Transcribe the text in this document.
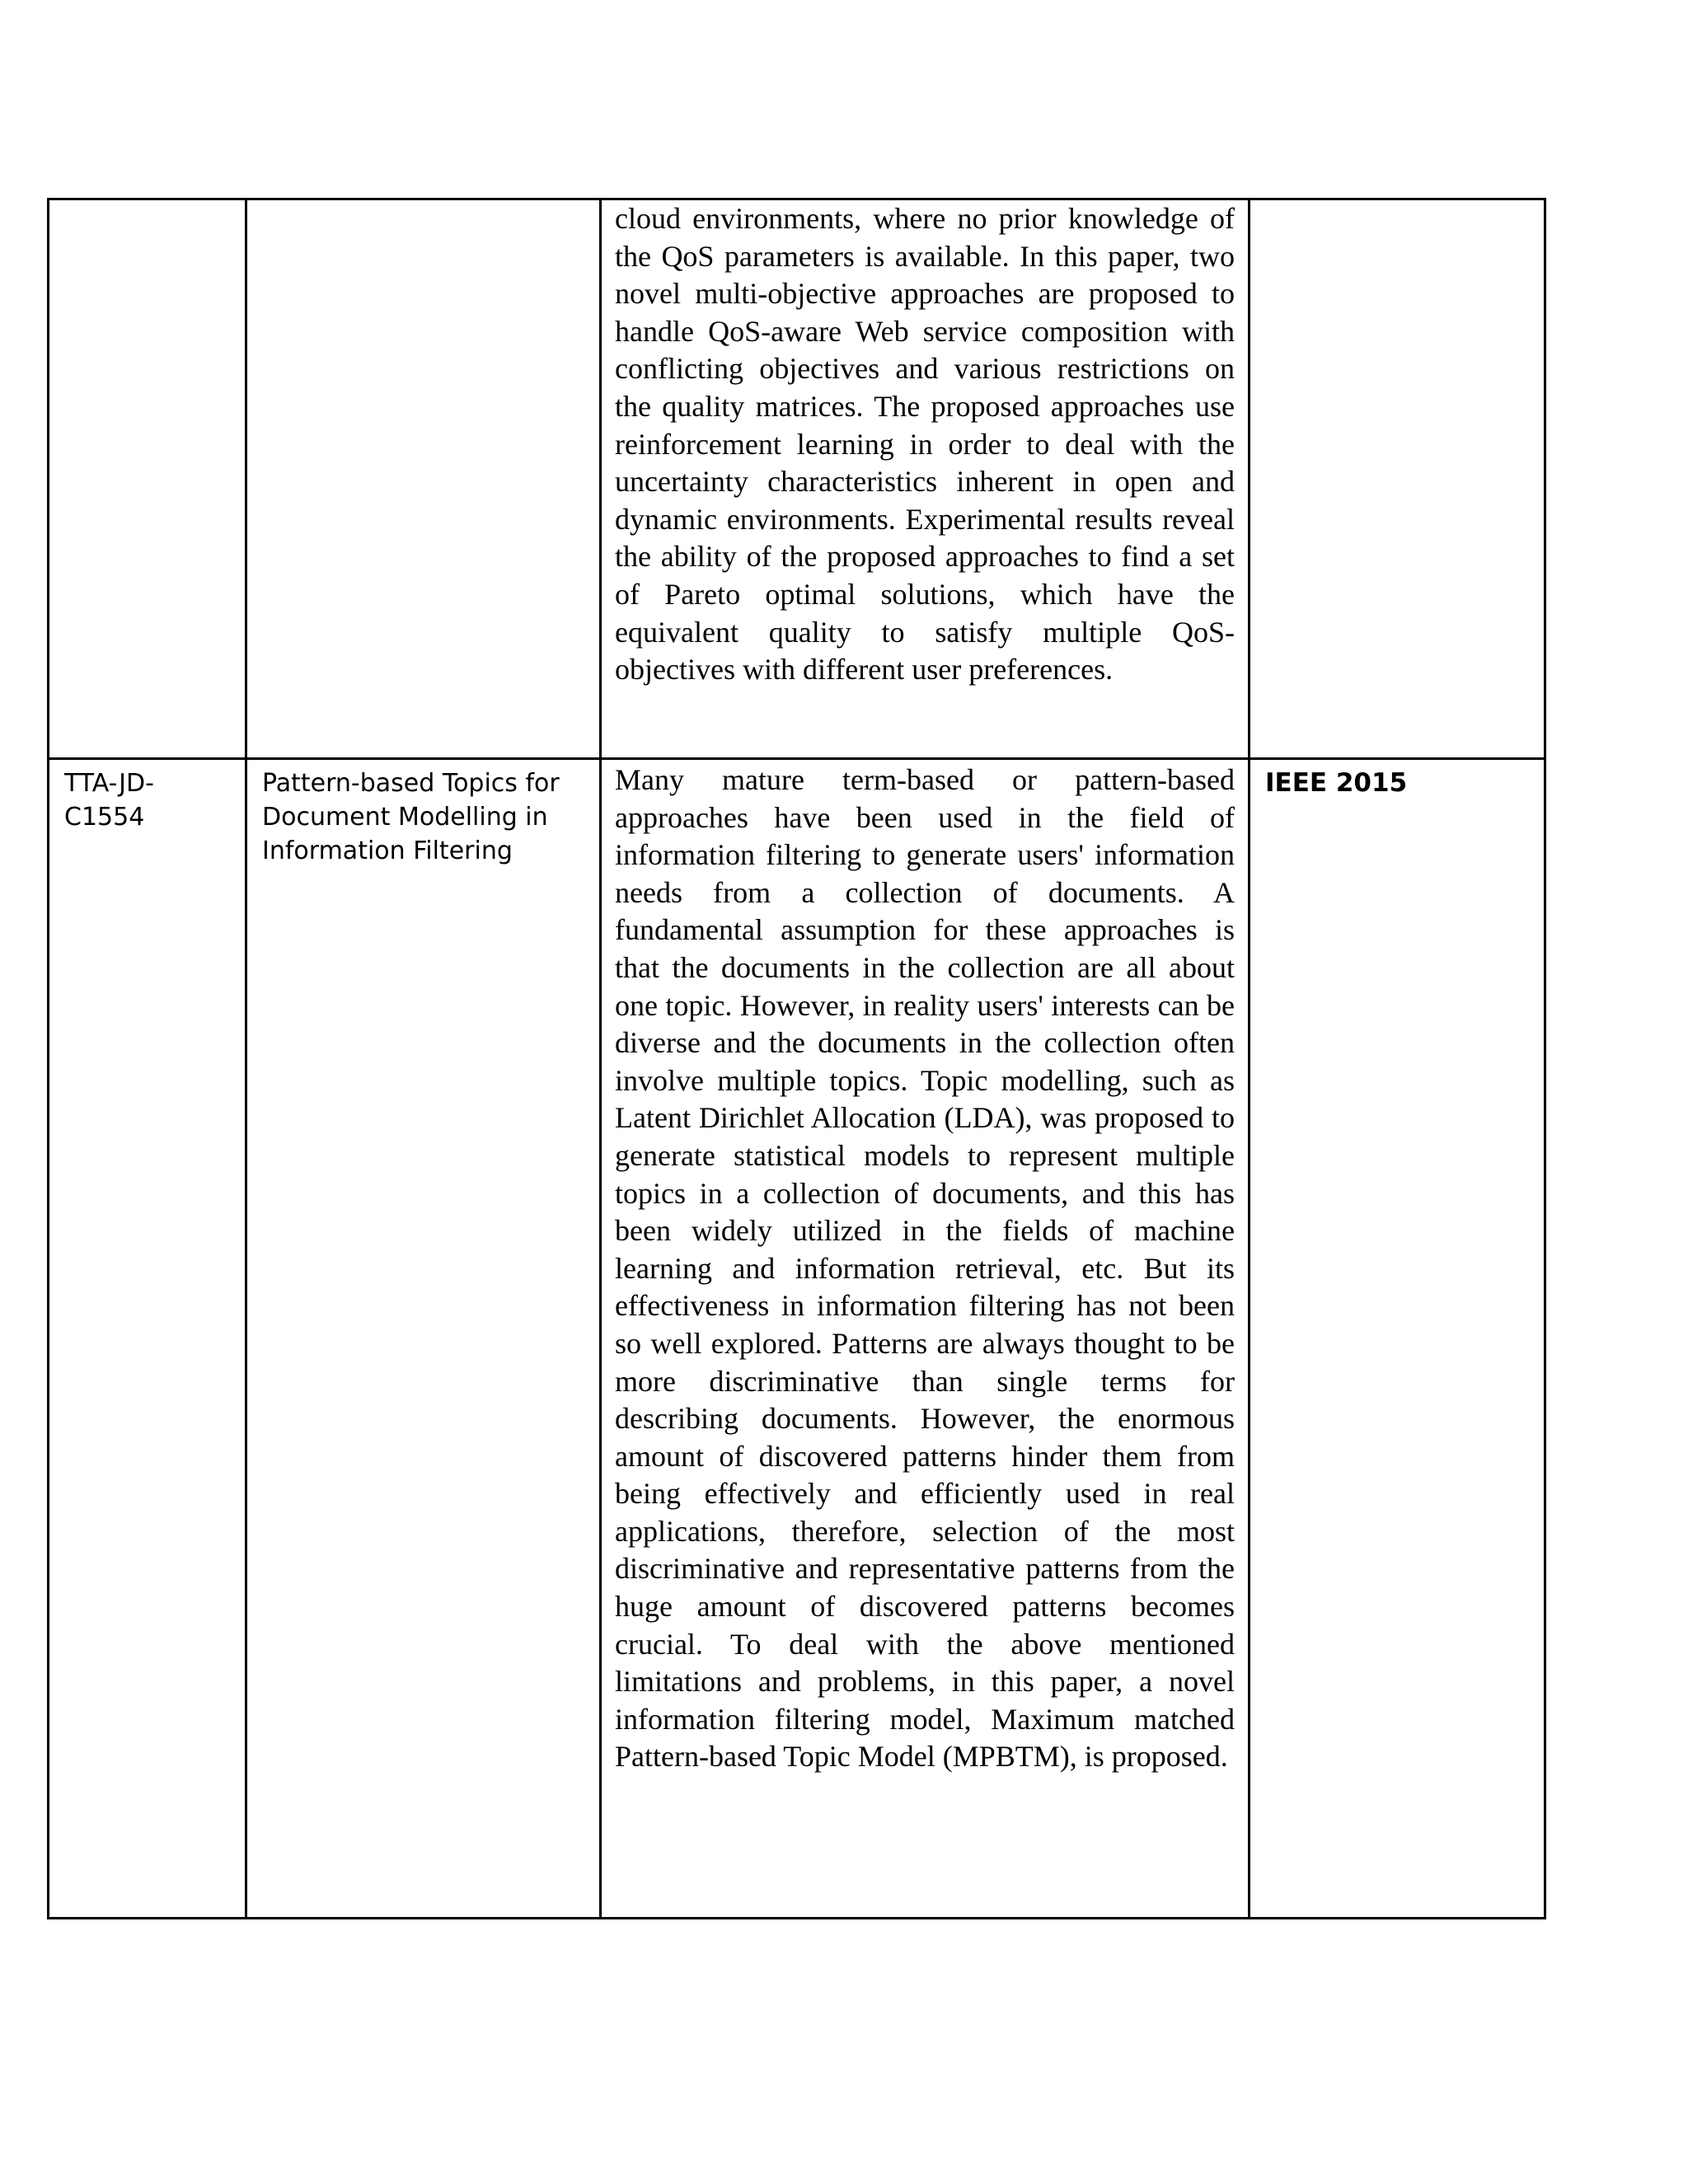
		cloud environments, where no prior knowledge of the QoS parameters is available. In this paper, two novel multi-objective approaches are proposed to handle QoS-aware Web service composition with conflicting objectives and various restrictions on the quality matrices. The proposed approaches use reinforcement learning in order to deal with the uncertainty characteristics inherent in open and dynamic environments. Experimental results reveal the ability of the proposed approaches to find a set of Pareto optimal solutions, which have the equivalent quality to satisfy multiple QoS-objectives with different user preferences.	

TTA-JD-C1554	Pattern-based Topics for Document Modelling in Information Filtering	Many mature term-based or pattern-based approaches have been used in the field of information filtering to generate users' information needs from a collection of documents. A fundamental assumption for these approaches is that the documents in the collection are all about one topic. However, in reality users' interests can be diverse and the documents in the collection often involve multiple topics. Topic modelling, such as Latent Dirichlet Allocation (LDA), was proposed to generate statistical models to represent multiple topics in a collection of documents, and this has been widely utilized in the fields of machine learning and information retrieval, etc. But its effectiveness in information filtering has not been so well explored. Patterns are always thought to be more discriminative than single terms for describing documents. However, the enormous amount of discovered patterns hinder them from being effectively and efficiently used in real applications, therefore, selection of the most discriminative and representative patterns from the huge amount of discovered patterns becomes crucial. To deal with the above mentioned limitations and problems, in this paper, a novel information filtering model, Maximum matched Pattern-based Topic Model (MPBTM), is proposed.	IEEE 2015
